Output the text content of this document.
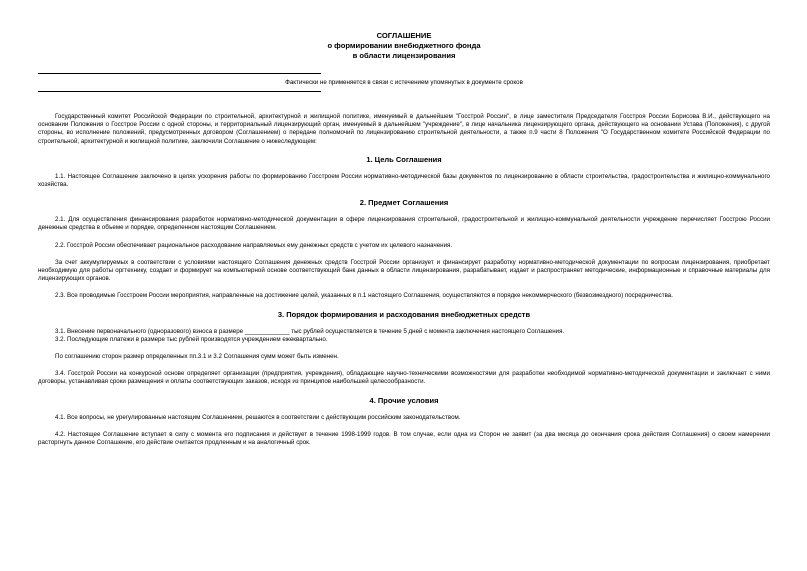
СОГЛАШЕНИЕ
о формировании внебюджетного фонда
в области лицензирования
Фактически не применяется в связи с истечением упомянутых в документе сроков

Государственный комитет Российской Федерации по строительной, архитектурной и жилищной политике, именуемый в дальнейшем "Госстрой России", в лице заместителя Председателя Госстроя России Борисова В.И., действующего на основании Положения о Госстрое России с одной стороны, и территориальный лицензирующий орган, именуемый в дальнейшем "учреждение", в лице начальника лицензирующего органа, действующего на основании Устава (Положения), с другой стороны, во исполнение положений, предусмотренных договором (Соглашением) о передаче полномочий по лицензированию строительной деятельности, а также п.9 части 8 Положения "О Государственном комитете Российской Федерации по строительной, архитектурной и жилищной политике, заключили Соглашение о нижеследующем:

1. Цель Соглашения

1.1. Настоящее Соглашение заключено в целях ускорения работы по формированию Госстроем России нормативно-методической базы документов по лицензированию в области строительства, градостроительства и жилищно-коммунального хозяйства.

2. Предмет Соглашения

2.1. Для осуществления финансирования разработок нормативно-методической документации в сфере лицензирования строительной, градостроительной и жилищно-коммунальной деятельности учреждение перечисляет Госстрою России денежные средства в объеме и порядке, определенном настоящим Соглашением.

2.2. Госстрой России обеспечивает рациональное расходование направляемых ему денежных средств с учетом их целевого назначения.

За счет аккумулируемых в соответствии с условиями настоящего Соглашения денежных средств Госстрой России организует и финансирует разработку нормативно-методической документации по вопросам лицензирования, приобретает необходимую для работы оргтехнику, создает и формирует на компьютерной основе соответствующий банк данных в области лицензирования, разрабатывает, издает и распространяет методические, информационные и справочные материалы для лицензирующих органов.

2.3. Все проводимые Госстроем России мероприятия, направленные на достижение целей, указанных в п.1 настоящего Соглашения, осуществляются в порядке некоммерческого (безвозмездного) посредничества.

3. Порядок формирования и расходования внебюджетных средств

3.1. Внесение первоначального (одноразового) взноса в размере _____________ тыс рублей осуществляется в течение 5 дней с момента заключения настоящего Соглашения.

3.2. Последующие платежи в размере тыс рублей производятся учреждением ежеквартально.

По соглашению сторон размер определенных пп.3.1 и 3.2 Соглашения сумм может быть изменен.

3.4. Госстрой России на конкурсной основе определяет организации (предприятия, учреждения), обладающие научно-техническими возможностями для разработки необходимой нормативно-методической документации и заключает с ними договоры, устанавливая сроки размещения и оплаты соответствующих заказов, исходя из принципов наибольшей целесообразности.

4. Прочие условия

4.1. Все вопросы, не урегулированные настоящим Соглашением, решаются в соответствии с действующим российским законодательством.

4.2. Настоящее Соглашение вступает в силу с момента его подписания и действует в течение 1998-1999 годов. В том случае, если одна из Сторон не заявит (за два месяца до окончания срока действия Соглашения) о своем намерении расторгнуть данное Соглашение, его действие считается продленным и на аналогичный срок.
